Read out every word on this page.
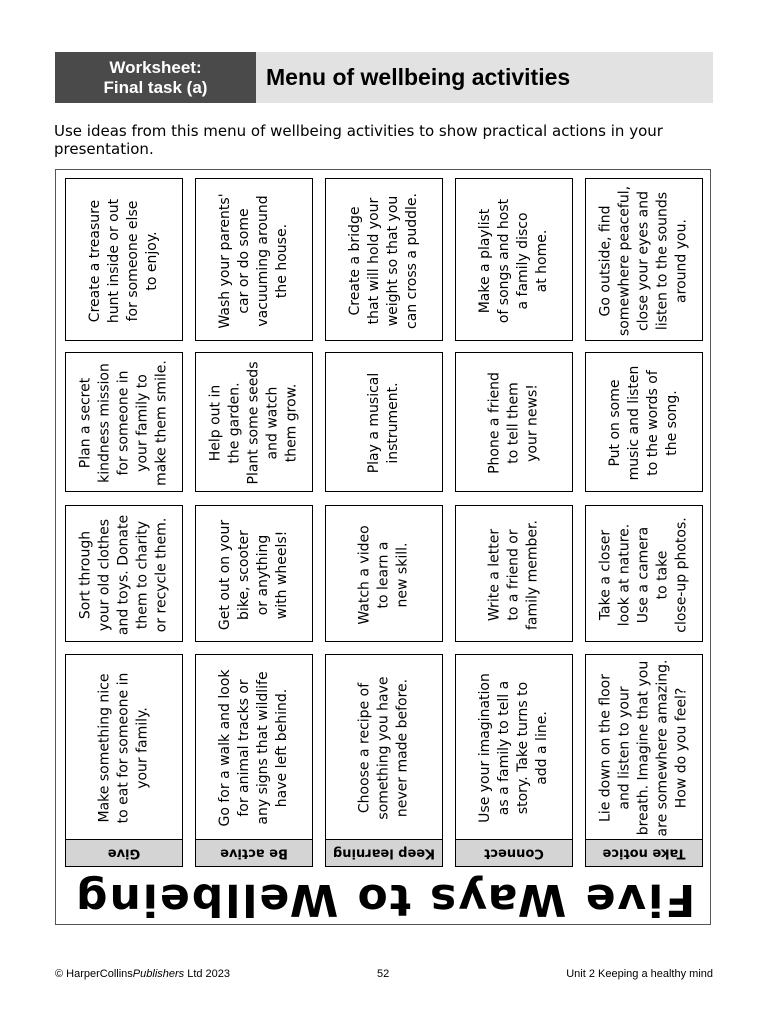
Worksheet:
Final task (a)	Menu of wellbeing activities
Use ideas from this menu of wellbeing activities to show practical actions in your presentation.
Five Ways to Wellbeing
Create a treasure
hunt inside or out
for someone else
to enjoy.
Plan a secret
kindness mission
for someone in
your family to
make them smile.
Sort through
your old clothes
and toys. Donate
them to charity
or recycle them.
Make something nice
to eat for someone in
your family.
Give
Wash your parents'
car or do some
vacuuming around
the house.
Help out in
the garden.
Plant some seeds
and watch
them grow.
Get out on your
bike, scooter
or anything
with wheels!
Go for a walk and look
for animal tracks or
any signs that wildlife
have left behind.
Be active
Create a bridge
that will hold your
weight so that you
can cross a puddle.
Play a musical
instrument.
Watch a video
to learn a
new skill.
Choose a recipe of
something you have
never made before.
Keep learning
Make a playlist
of songs and host
a family disco
at home.
Phone a friend
to tell them
your news!
Write a letter
to a friend or
family member.
Use your imagination
as a family to tell a
story. Take turns to
add a line.
Connect
Go outside, find
somewhere peaceful,
close your eyes and
listen to the sounds
around you.
Put on some
music and listen
to the words of
the song.
Take a closer
look at nature.
Use a camera
to take
close-up photos.
Lie down on the floor
and listen to your
breath. Imagine that you
are somewhere amazing.
How do you feel?
Take notice
© HarperCollinsPublishers Ltd 2023	52	Unit 2 Keeping a healthy mind
